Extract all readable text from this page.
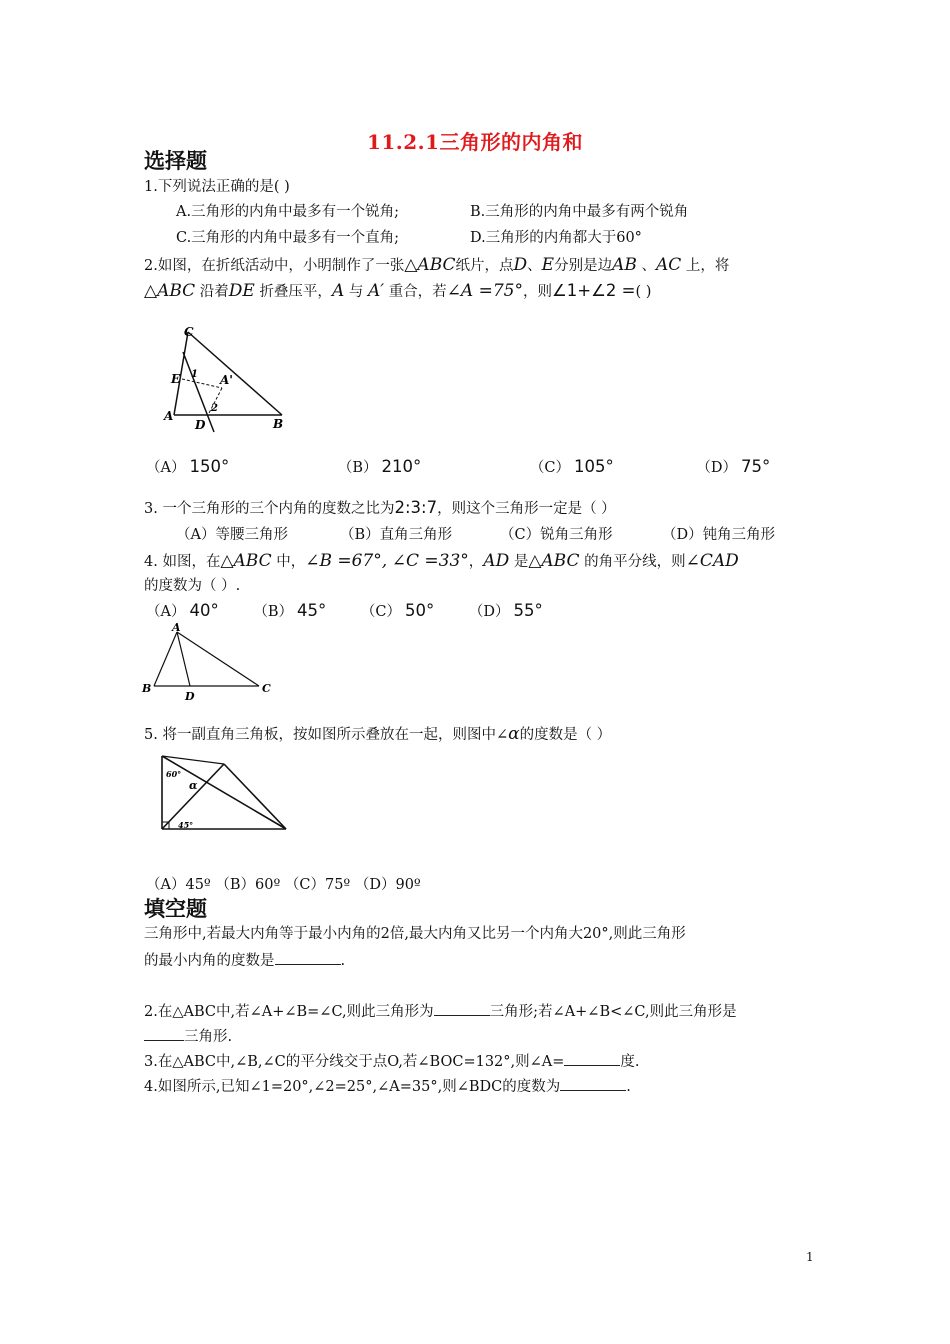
11.2.1三角形的内角和
选择题
1.下列说法正确的是( )
A.三角形的内角中最多有一个锐角;	B.三角形的内角中最多有两个锐角
C.三角形的内角中最多有一个直角;	D.三角形的内角都大于60°
2.如图，在折纸活动中，小明制作了一张△ABC纸片，点D、E分别是边AB 、AC 上，将
△ABC 沿着DE 折叠压平，A 与 A′ 重合，若∠A =75°，则∠1+∠2 =( )
C
E 1 A'
A
D
2
B
（A） 150°	（B） 210°	（C） 105°	（D） 75°
3. 一个三角形的三个内角的度数之比为2:3:7，则这个三角形一定是（ ）
（A）等腰三角形	（B）直角三角形	（C）锐角三角形	（D）钝角三角形
4. 如图，在△ABC 中，∠B =67°, ∠C =33°，AD 是△ABC 的角平分线，则∠CAD
的度数为（ ）.
（A） 40° （B） 45° （C） 50° （D） 55°
A
B
D
C
5. 将一副直角三角板，按如图所示叠放在一起，则图中∠α的度数是（ ）
60°
α
45°
（A）45º （B）60º （C）75º （D）90º
填空题
三角形中,若最大内角等于最小内角的2倍,最大内角又比另一个内角大20°,则此三角形
的最小内角的度数是	.
2.在△ABC中,若∠A+∠B=∠C,则此三角形为	三角形;若∠A+∠B<∠C,则此三角形是
三角形.
3.在△ABC中,∠B,∠C的平分线交于点O,若∠BOC=132°,则∠A=	度.
4.如图所示,已知∠1=20°,∠2=25°,∠A=35°,则∠BDC的度数为	.
1
